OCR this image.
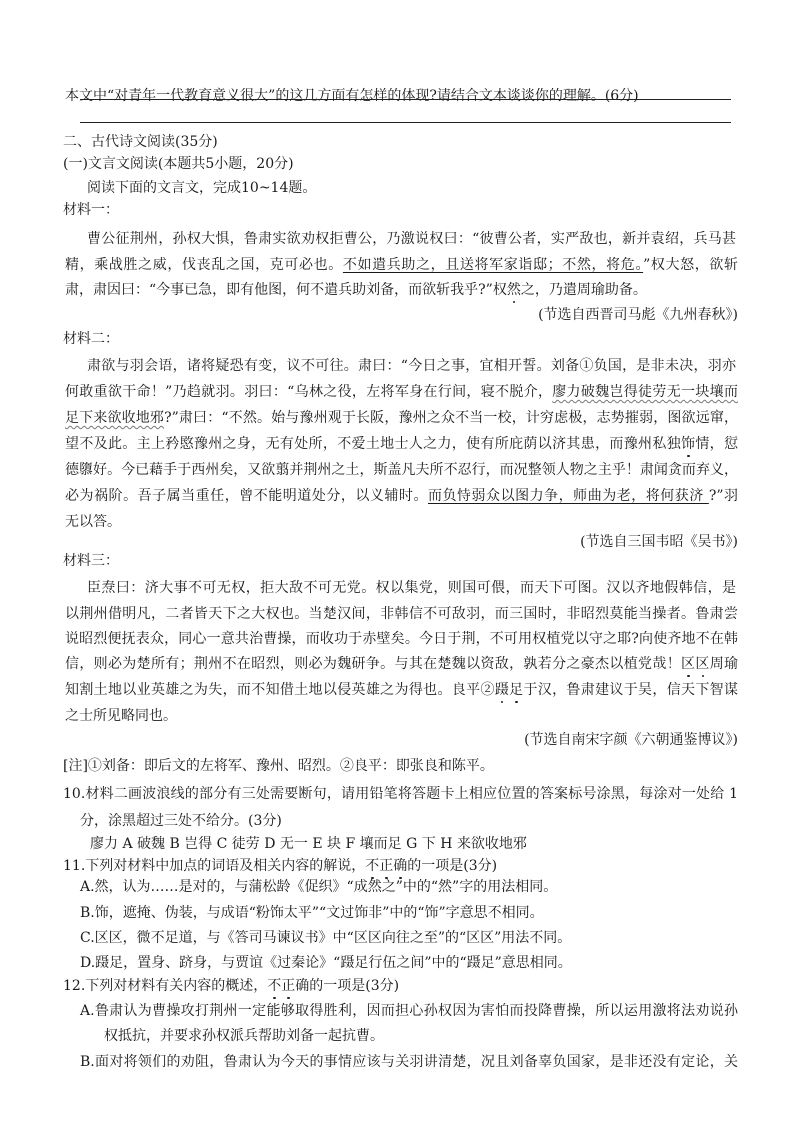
本文中“对青年一代教育意义很大”的这几方面有怎样的体现?请结合文本谈谈你的理解。(6分)
二、古代诗文阅读(35分)
(一)文言文阅读(本题共5小题，20分)
阅读下面的文言文，完成10~14题。
材料一：
曹公征荆州，孙权大惧，鲁肃实欲劝权拒曹公，乃激说权曰：“彼曹公者，实严敌也，新并袁绍，兵马甚
精，乘战胜之威，伐丧乱之国，克可必也。不如遣兵助之，且送将军家诣邸；不然，将危。”权大怒，欲斩
肃，肃因曰：“今事已急，即有他图，何不遣兵助刘备，而欲斩我乎?”权然之，乃遣周瑜助备。
(节选自西晋司马彪《九州春秋》)
材料二：
肃欲与羽会语，诸将疑恐有变，议不可往。肃曰：“今日之事，宜相开誓。刘备①负国，是非未决，羽亦
何敢重欲干命！”乃趋就羽。羽曰：“乌林之役，左将军身在行间，寝不脱介，廖力破魏岂得徒劳无一块壤而
足下来欲收地邪?”肃曰：“不然。始与豫州观于长阪，豫州之众不当一校，计穷虑极，志势摧弱，图欲远窜，
望不及此。主上矜愍豫州之身，无有处所，不爱土地士人之力，使有所庇荫以济其患，而豫州私独饰情，愆
德隳好。今已藉手于西州矣，又欲翦并荆州之土，斯盖凡夫所不忍行，而况整领人物之主乎！肃闻贪而弃义，
必为祸阶。吾子属当重任，曾不能明道处分，以义辅时。而负恃弱众以图力争，师曲为老，将何获济 ?”羽
无以答。
(节选自三国韦昭《吴书》)
材料三：
臣焘曰：济大事不可无权，拒大敌不可无党。权以集党，则国可偎，而天下可图。汉以齐地假韩信，是
以荆州借明凡，二者皆天下之大权也。当楚汉间，非韩信不可敌羽，而三国时，非昭烈莫能当操者。鲁肃尝
说昭烈便抚表众，同心一意共治曹操，而收功于赤壁矣。今日于荆，不可用权植党以守之耶?向使齐地不在韩
信，则必为楚所有；荆州不在昭烈，则必为魏研争。与其在楚魏以资敌，孰若分之豪杰以植党哉！区区周瑜
知割土地以业英雄之为失，而不知借土地以侵英雄之为得也。良平②蹑足于汉，鲁肃建议于吴，信天下智谋
之士所见略同也。
(节选自南宋字颜《六朝通鉴博议》)
[注]①刘备：即后文的左将军、豫州、昭烈。②良平：即张良和陈平。
10.材料二画波浪线的部分有三处需要断句，请用铅笔将答题卡上相应位置的答案标号涂黑，每涂对一处给 1
分，涂黑超过三处不给分。(3分)
廖力 A 破魏 B 岂得 C 徒劳 D 无一 E 块 F 壤而足 G 下 H 来欲收地邪
11.下列对材料中加点的词语及相关内容的解说，不正确的一项是(3分)
A.然，认为……是对的，与蒲松龄《促织》“成然之”中的“然”字的用法相同。
B.饰，遮掩、伪装，与成语“粉饰太平”“文过饰非”中的“饰”字意思不相同。
C.区区，微不足道，与《答司马谏议书》中“区区向往之至”的“区区”用法不同。
D.蹑足，置身、跻身，与贾谊《过秦论》“蹑足行伍之间”中的“蹑足”意思相同。
12.下列对材料有关内容的概述，不正确的一项是(3分)
A.鲁肃认为曹操攻打荆州一定能够取得胜利，因而担心孙权因为害怕而投降曹操，所以运用激将法劝说孙
权抵抗，并要求孙权派兵帮助刘备一起抗曹。
B.面对将领们的劝阻，鲁肃认为今天的事情应该与关羽讲清楚，况且刘备辜负国家，是非还没有定论，关
